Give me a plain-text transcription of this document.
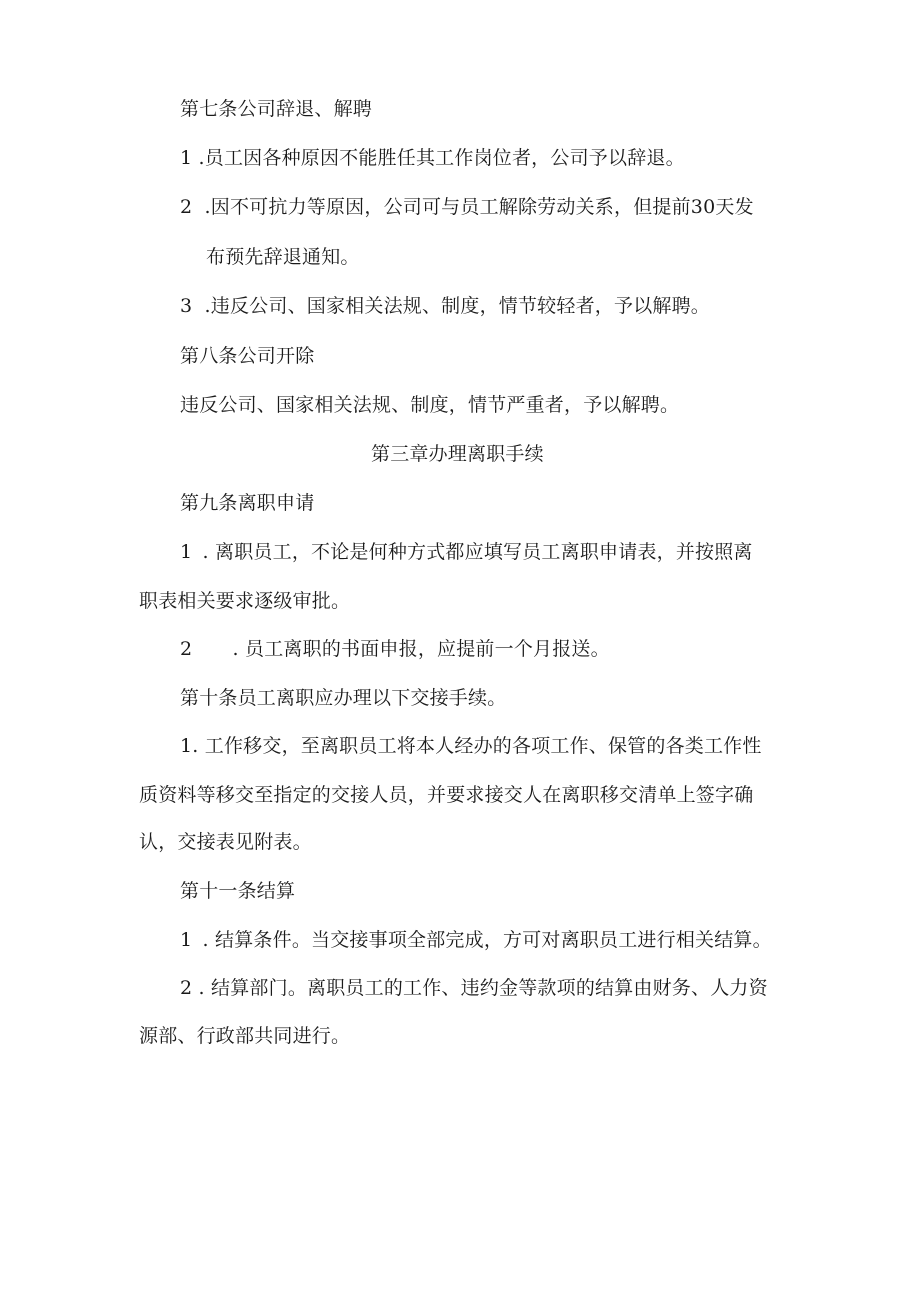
第七条公司辞退、解聘
1 .员工因各种原因不能胜任其工作岗位者，公司予以辞退。
2 .因不可抗力等原因，公司可与员工解除劳动关系，但提前30天发
布预先辞退通知。
3 .违反公司、国家相关法规、制度，情节较轻者，予以解聘。
第八条公司开除
违反公司、国家相关法规、制度，情节严重者，予以解聘。
第三章办理离职手续
第九条离职申请
1 . 离职员工，不论是何种方式都应填写员工离职申请表，并按照离
职表相关要求逐级审批。
2 . 员工离职的书面申报，应提前一个月报送。
第十条员工离职应办理以下交接手续。
1. 工作移交，至离职员工将本人经办的各项工作、保管的各类工作性
质资料等移交至指定的交接人员，并要求接交人在离职移交清单上签字确
认，交接表见附表。
第十一条结算
1 . 结算条件。当交接事项全部完成，方可对离职员工进行相关结算。
2 . 结算部门。离职员工的工作、违约金等款项的结算由财务、人力资
源部、行政部共同进行。
